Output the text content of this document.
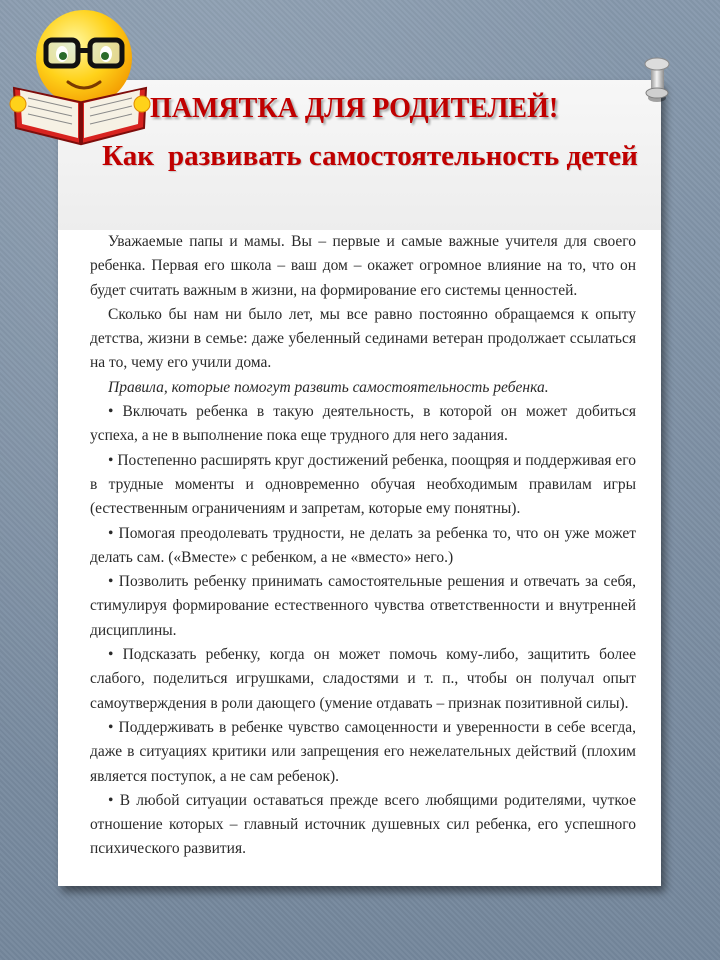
ПАМЯТКА ДЛЯ РОДИТЕЛЕЙ!
Как развивать самостоятельность детей

Уважаемые папы и мамы. Вы – первые и самые важные учителя для своего ребенка. Первая его школа – ваш дом – окажет огромное влияние на то, что он будет считать важным в жизни, на формирование его системы ценностей.

Сколько бы нам ни было лет, мы все равно постоянно обращаемся к опыту детства, жизни в семье: даже убеленный сединами ветеран продолжает ссылаться на то, чему его учили дома.

Правила, которые помогут развить самостоятельность ребенка.

• Включать ребенка в такую деятельность, в которой он может добиться успеха, а не в выполнение пока еще трудного для него задания.

• Постепенно расширять круг достижений ребенка, поощряя и поддерживая его в трудные моменты и одновременно обучая необходимым правилам игры (естественным ограничениям и запретам, которые ему понятны).

• Помогая преодолевать трудности, не делать за ребенка то, что он уже может делать сам. («Вместе» с ребенком, а не «вместо» него.)

• Позволить ребенку принимать самостоятельные решения и отвечать за себя, стимулируя формирование естественного чувства ответственности и внутренней дисциплины.

• Подсказать ребенку, когда он может помочь кому-либо, защитить более слабого, поделиться игрушками, сладостями и т. п., чтобы он получал опыт самоутверждения в роли дающего (умение отдавать – признак позитивной силы).

• Поддерживать в ребенке чувство самоценности и уверенности в себе всегда, даже в ситуациях критики или запрещения его нежелательных действий (плохим является поступок, а не сам ребенок).

• В любой ситуации оставаться прежде всего любящими родителями, чуткое отношение которых – главный источник душевных сил ребенка, его успешного психического развития.
